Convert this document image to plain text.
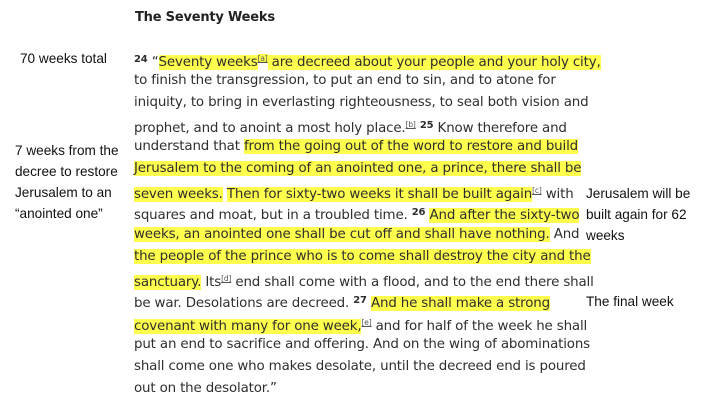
The Seventy Weeks
$^{24}$ “Seventy weeks[a] are decreed about your people and your holy city,
to finish the transgression, to put an end to sin, and to atone for
iniquity, to bring in everlasting righteousness, to seal both vision and
prophet, and to anoint a most holy place.[b] $^{25}$ Know therefore and
understand that from the going out of the word to restore and build
Jerusalem to the coming of an anointed one, a prince, there shall be
seven weeks. Then for sixty-two weeks it shall be built again[c] with
squares and moat, but in a troubled time. $^{26}$ And after the sixty-two
weeks, an anointed one shall be cut off and shall have nothing. And
the people of the prince who is to come shall destroy the city and the
sanctuary. Its[d] end shall come with a flood, and to the end there shall
be war. Desolations are decreed. $^{27}$ And he shall make a strong
covenant with many for one week,[e] and for half of the week he shall
put an end to sacrifice and offering. And on the wing of abominations
shall come one who makes desolate, until the decreed end is poured
out on the desolator.”
70 weeks total
7 weeks from the
decree to restore
Jerusalem to an
“anointed one”
Jerusalem will be
built again for 62
weeks
The final week
